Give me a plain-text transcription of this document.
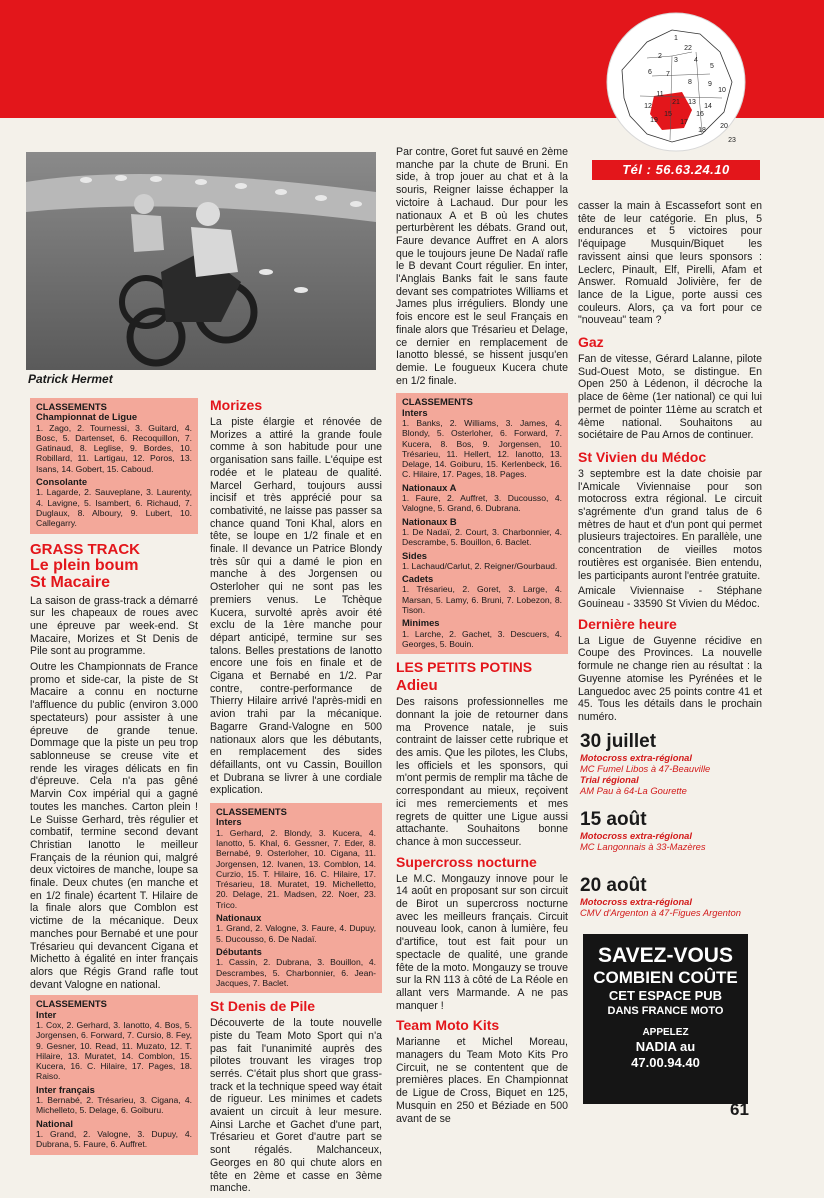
1
22
2
3 4
5
6 7
8 9
10
11
12
21 13
14
15	16
17
18
19
20
23
Tél : 56.63.24.10
Patrick Hermet
CLASSEMENTS
Championnat de Ligue
1. Zago, 2. Tournessi, 3. Guitard, 4. Bosc, 5. Dartenset, 6. Recoquillon, 7. Gatinaud, 8. Leglise, 9. Bordes, 10. Robillard, 11. Lartigau, 12. Poros, 13. Isans, 14. Gobert, 15. Caboud.
Consolante
1. Lagarde, 2. Sauveplane, 3. Laurenty, 4. Lavigne, 5. Isambert, 6. Richaud, 7. Duglaux, 8. Alboury, 9. Lubert, 10. Callegarry.
GRASS TRACK
Le plein boum
St Macaire

La saison de grass-track a démarré sur les chapeaux de roues avec une épreuve par week-end. St Macaire, Morizes et St Denis de Pile sont au programme.

Outre les Championnats de France promo et side-car, la piste de St Macaire a connu en nocturne l'affluence du public (environ 3.000 spectateurs) pour assister à une épreuve de grande tenue. Dommage que la piste un peu trop sablonneuse se creuse vite et rende les virages délicats en fin d'épreuve. Cela n'a pas gêné Marvin Cox impérial qui a gagné toutes les manches. Carton plein ! Le Suisse Gerhard, très régulier et combatif, termine second devant Christian Ianotto le meilleur Français de la réunion qui, malgré deux victoires de manche, loupe sa finale. Deux chutes (en manche et en 1/2 finale) écartent T. Hilaire de la finale alors que Comblon est victime de la mécanique. Deux manches pour Bernabé et une pour Trésarieu qui devancent Cigana et Michetto à égalité en inter français alors que Régis Grand rafle tout devant Valogne en national.

CLASSEMENTS
Inter
1. Cox, 2. Gerhard, 3. Ianotto, 4. Bos, 5. Jorgensen, 6. Forward, 7. Cursio, 8. Fey, 9. Gesner, 10. Read, 11. Muzato, 12. T. Hilaire, 13. Muratet, 14. Comblon, 15. Kucera, 16. C. Hilaire, 17. Pages, 18. Raiso.
Inter français
1. Bernabé, 2. Trésarieu, 3. Cigana, 4. Michelleto, 5. Delage, 6. Goiburu.
National
1. Grand, 2. Valogne, 3. Dupuy, 4. Dubrana, 5. Faure, 6. Auffret.
Morizes

La piste élargie et rénovée de Morizes a attiré la grande foule comme à son habitude pour une organisation sans faille. L'équipe est rodée et le plateau de qualité. Marcel Gerhard, toujours aussi incisif et très apprécié pour sa combativité, ne laisse pas passer sa chance quand Toni Khal, alors en tête, se loupe en 1/2 finale et en finale. Il devance un Patrice Blondy très sûr qui a damé le pion en manche à des Jorgensen ou Osterloher qui ne sont pas les premiers venus. Le Tchèque Kucera, survolté après avoir été exclu de la 1ère manche pour départ anticipé, termine sur ses talons. Belles prestations de Ianotto encore une fois en finale et de Cigana et Bernabé en 1/2. Par contre, contre-performance de Thierry Hilaire arrivé l'après-midi en avion trahi par la mécanique. Bagarre Grand-Valogne en 500 nationaux alors que les débutants, en remplacement des sides défaillants, ont vu Cassin, Bouillon et Dubrana se livrer à une cordiale explication.

CLASSEMENTS
Inters
1. Gerhard, 2. Blondy, 3. Kucera, 4. Ianotto, 5. Khal, 6. Gessner, 7. Eder, 8. Bernabé, 9. Osterloher, 10. Cigana, 11. Jorgensen, 12. Ivanen, 13. Comblon, 14. Curzio, 15. T. Hilaire, 16. C. Hilaire, 17. Trésarieu, 18. Muratet, 19. Michelletto, 20. Delage, 21. Madsen, 22. Noer, 23. Trico.
Nationaux
1. Grand, 2. Valogne, 3. Faure, 4. Dupuy, 5. Ducousso, 6. De Nadaï.
Débutants
1. Cassin, 2. Dubrana, 3. Bouillon, 4. Descrambes, 5. Charbonnier, 6. Jean-Jacques, 7. Baclet.
St Denis de Pile

Découverte de la toute nouvelle piste du Team Moto Sport qui n'a pas fait l'unanimité auprès des pilotes trouvant les virages trop serrés. C'était plus short que grass-track et la technique speed way était de rigueur. Les minimes et cadets avaient un circuit à leur mesure. Ainsi Larche et Gachet d'une part, Trésarieu et Goret d'autre part se sont régalés. Malchanceux, Georges en 80 qui chute alors en tête en 2ème et casse en 3ème manche.

Par contre, Goret fut sauvé en 2ème manche par la chute de Bruni. En side, à trop jouer au chat et à la souris, Reigner laisse échapper la victoire à Lachaud. Dur pour les nationaux A et B où les chutes perturbèrent les débats. Grand out, Faure devance Auffret en A alors que le toujours jeune De Nadaï rafle le B devant Court régulier. En inter, l'Anglais Banks fait le sans faute devant ses compatriotes Williams et James plus irréguliers. Blondy une fois encore est le seul Français en finale alors que Trésarieu et Delage, ce dernier en remplacement de Ianotto blessé, se hissent jusqu'en demie. Le fougueux Kucera chute en 1/2 finale.

CLASSEMENTS
Inters
1. Banks, 2. Williams, 3. James, 4. Blondy, 5. Osterloher, 6. Forward, 7. Kucera, 8. Bos, 9. Jorgensen, 10. Trésarieu, 11. Hellert, 12. Ianotto, 13. Delage, 14. Goiburu, 15. Kerlenbeck, 16. C. Hilaire, 17. Pages, 18. Pages.
Nationaux A
1. Faure, 2. Auffret, 3. Ducousso, 4. Valogne, 5. Grand, 6. Dubrana.
Nationaux B
1. De Nadaï, 2. Court, 3. Charbonnier, 4. Descrambe, 5. Bouillon, 6. Baclet.
Sides
1. Lachaud/Carlut, 2. Reigner/Gourbaud.
Cadets
1. Trésarieu, 2. Goret, 3. Large, 4. Marsan, 5. Lamy, 6. Bruni, 7. Lobezon, 8. Tison.
Minimes
1. Larche, 2. Gachet, 3. Descuers, 4. Georges, 5. Bouin.
LES PETITS POTINS
Adieu

Des raisons professionnelles me donnant la joie de retourner dans ma Provence natale, je suis contraint de laisser cette rubrique et des amis. Que les pilotes, les Clubs, les officiels et les sponsors, qui m'ont permis de remplir ma tâche de correspondant au mieux, reçoivent ici mes remerciements et mes regrets de quitter une Ligue aussi attachante. Souhaitons bonne chance à mon successeur.

Supercross nocturne

Le M.C. Mongauzy innove pour le 14 août en proposant sur son circuit de Birot un supercross nocturne avec les meilleurs français. Circuit nouveau look, canon à lumière, feu d'artifice, tout est fait pour un spectacle de qualité, une grande fête de la moto. Mongauzy se trouve sur la RN 113 à côté de La Réole en allant vers Marmande. A ne pas manquer !

Team Moto Kits

Marianne et Michel Moreau, managers du Team Moto Kits Pro Circuit, ne se contentent que de premières places. En Championnat de Ligue de Cross, Biquet en 125, Musquin en 250 et Béziade en 500 avant de se

casser la main à Escassefort sont en tête de leur catégorie. En plus, 5 endurances et 5 victoires pour l'équipage Musquin/Biquet les ravissent ainsi que leurs sponsors : Leclerc, Pinault, Elf, Pirelli, Afam et Answer. Romuald Jolivière, fer de lance de la Ligue, porte aussi ces couleurs. Alors, ça va fort pour ce "nouveau" team ?

Gaz

Fan de vitesse, Gérard Lalanne, pilote Sud-Ouest Moto, se distingue. En Open 250 à Lédenon, il décroche la place de 6ème (1er national) ce qui lui permet de pointer 11ème au scratch et 4ème national. Souhaitons au sociétaire de Pau Arnos de continuer.

St Vivien du Médoc

3 septembre est la date choisie par l'Amicale Viviennaise pour son motocross extra régional. Le circuit s'agrémente d'un grand talus de 6 mètres de haut et d'un pont qui permet plusieurs trajectoires. En parallèle, une concentration de vieilles motos routières est organisée. Bien entendu, les participants auront l'entrée gratuite.

Amicale Viviennaise - Stéphane Gouineau - 33590 St Vivien du Médoc.

Dernière heure

La Ligue de Guyenne récidive en Coupe des Provinces. La nouvelle formule ne change rien au résultat : la Guyenne atomise les Pyrénées et le Languedoc avec 25 points contre 41 et 45. Tous les détails dans le prochain numéro.

30 juillet
Motocross extra-régional
MC Fumel Libos à 47-Beauville
Trial régional
AM Pau à 64-La Gourette
15 août
Motocross extra-régional
MC Langonnais à 33-Mazères
20 août
Motocross extra-régional
CMV d'Argenton à 47-Figues Argenton
SAVEZ-VOUS
COMBIEN COÛTE
CET ESPACE PUB
DANS FRANCE MOTO
APPELEZ
NADIA au
47.00.94.40
61
